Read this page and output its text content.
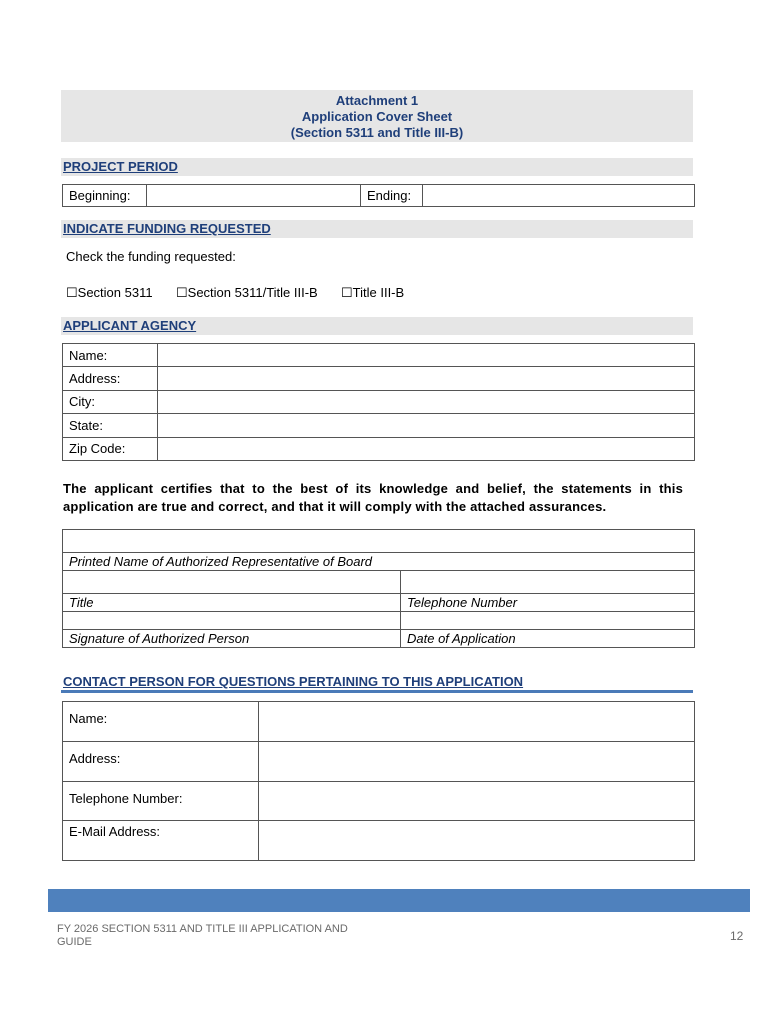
Attachment 1
Application Cover Sheet
(Section 5311 and Title III-B)
PROJECT PERIOD
Beginning:		Ending:	
INDICATE FUNDING REQUESTED
Check the funding requested:
☐Section 5311 ☐Section 5311/Title III-B ☐Title III-B
APPLICANT AGENCY
Name:	
Address:	
City:	
State:	
Zip Code:	
The applicant certifies that to the best of its knowledge and belief, the statements in this application are true and correct, and that it will comply with the attached assurances.

Printed Name of Authorized Representative of Board	

Title	Telephone Number

Signature of Authorized Person	Date of Application
CONTACT PERSON FOR QUESTIONS PERTAINING TO THIS APPLICATION
Name:	
Address:	
Telephone Number:	
E-Mail Address:	
FY 2026 SECTION 5311 AND TITLE III APPLICATION AND GUIDE	12
